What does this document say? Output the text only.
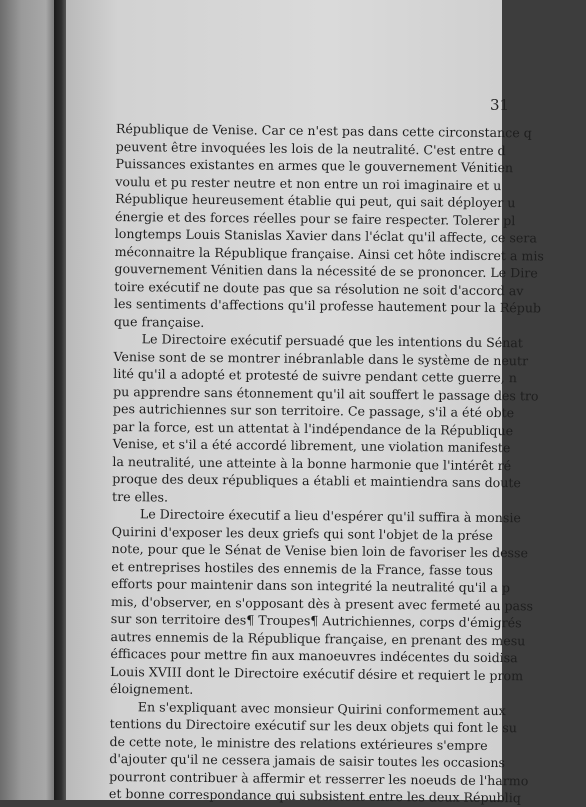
31

République de Venise. Car ce n'est pas dans cette circonstance q
peuvent être invoquées les lois de la neutralité. C'est entre d
Puissances existantes en armes que le gouvernement Vénitien
voulu et pu rester neutre et non entre un roi imaginaire et u
République heureusement établie qui peut, qui sait déployer u
énergie et des forces réelles pour se faire respecter. Tolerer pl
longtemps Louis Stanislas Xavier dans l'éclat qu'il affecte, ce sera
méconnaitre la République française. Ainsi cet hôte indiscret a mis
gouvernement Vénitien dans la nécessité de se prononcer. Le Dire
toire exécutif ne doute pas que sa résolution ne soit d'accord av
les sentiments d'affections qu'il professe hautement pour la Répub
que française.

Le Directoire exécutif persuadé que les intentions du Sénat
Venise sont de se montrer inébranlable dans le système de neutr
lité qu'il a adopté et protesté de suivre pendant cette guerre, n
pu apprendre sans étonnement qu'il ait souffert le passage des tro
pes autrichiennes sur son territoire. Ce passage, s'il a été obte
par la force, est un attentat à l'indépendance de la République
Venise, et s'il a été accordé librement, une violation manifeste
la neutralité, une atteinte à la bonne harmonie que l'intérêt ré
proque des deux républiques a établi et maintiendra sans doute
tre elles.

Le Directoire éxecutif a lieu d'espérer qu'il suffira à monsie
Quirini d'exposer les deux griefs qui sont l'objet de la prése
note, pour que le Sénat de Venise bien loin de favoriser les desse
et entreprises hostiles des ennemis de la France, fasse tous
efforts pour maintenir dans son integrité la neutralité qu'il a p
mis, d'observer, en s'opposant dès à present avec fermeté au pass
sur son territoire des¶ Troupes¶ Autrichiennes, corps d'émigrés
autres ennemis de la République française, en prenant des mesu
éfficaces pour mettre fin aux manoeuvres indécentes du soidisa
Louis XVIII dont le Directoire exécutif désire et requiert le prom
éloignement.

En s'expliquant avec monsieur Quirini conformement aux
tentions du Directoire exécutif sur les deux objets qui font le su
de cette note, le ministre des relations extérieures s'empre
d'ajouter qu'il ne cessera jamais de saisir toutes les occasions
pourront contribuer à affermir et resserrer les noeuds de l'harmo
et bonne correspondance qui subsistent entre les deux Républiq
